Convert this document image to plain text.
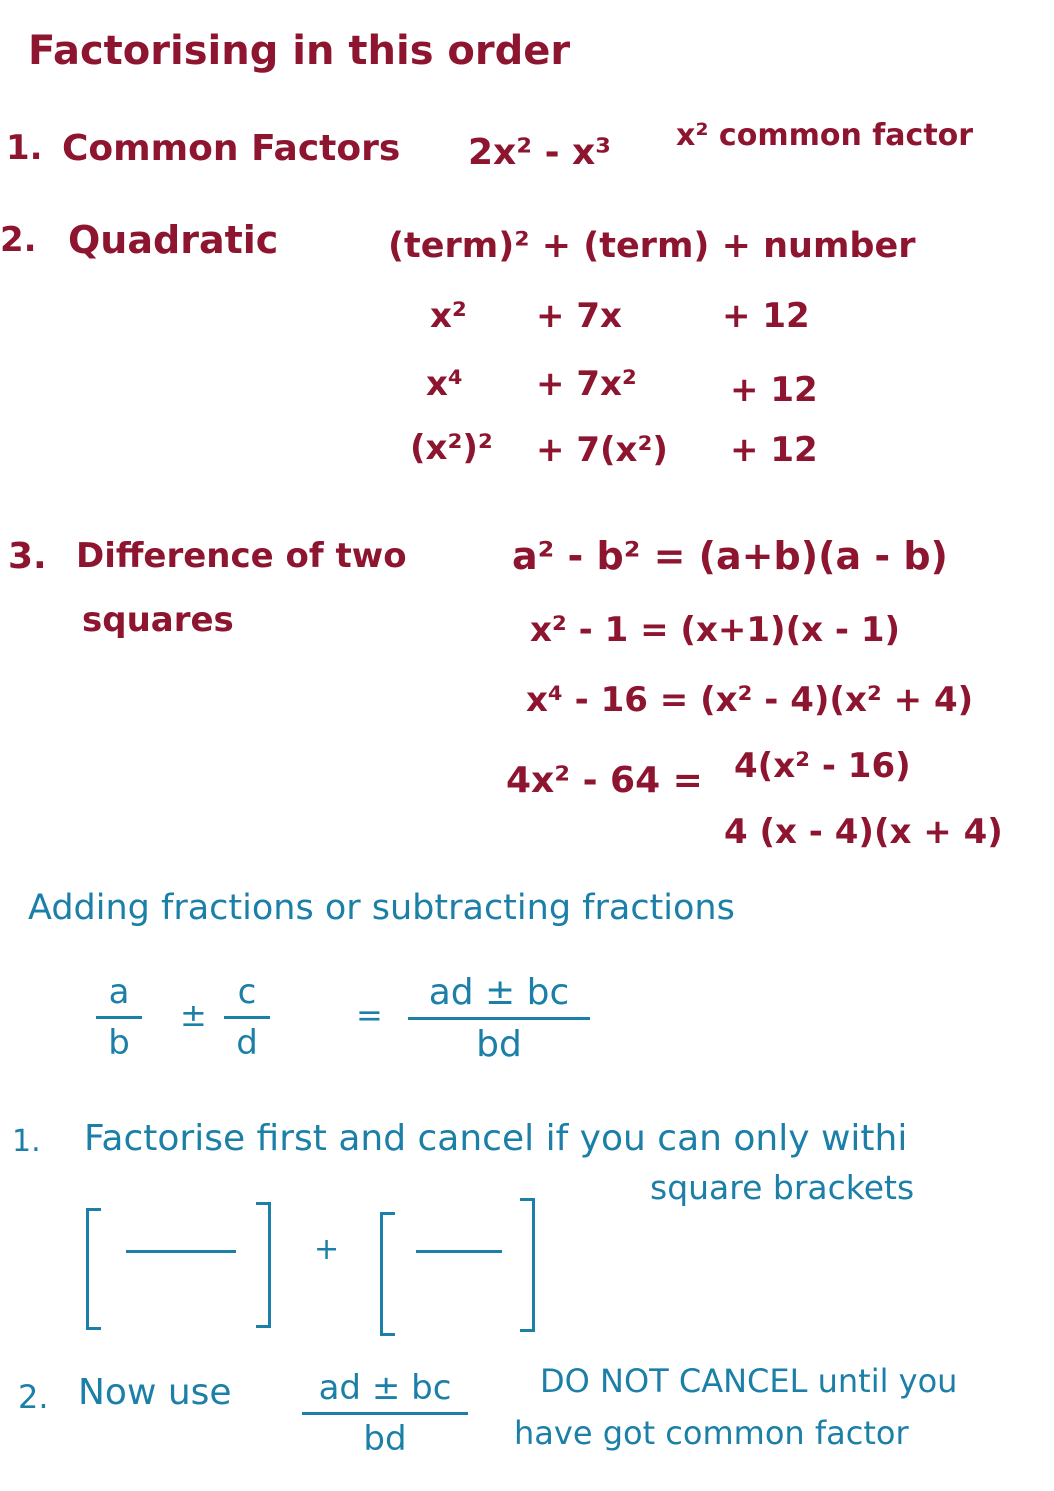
Factorising in this order
1. Common Factors 2x² - x³ x² common factor
2. Quadratic	(term)² + (term) + number
x² + 7x	+ 12
x⁴ + 7x²	+ 12
(x²)² + 7(x²) + 12
3. Difference of two
squares
a² - b² = (a+b)(a - b)
x² - 1 = (x+1)(x - 1)
x⁴ - 16 = (x² - 4)(x² + 4)
4x² - 64 = 4(x² - 16)
4 (x - 4)(x + 4)
Adding fractions or subtracting fractions
a
b
±
c
d
=
ad ± bc
bd
1. Factorise first and cancel if you can only withi
square brackets
+
2. Now use	ad ± bc
bd
DO NOT CANCEL until you
have got common factor
